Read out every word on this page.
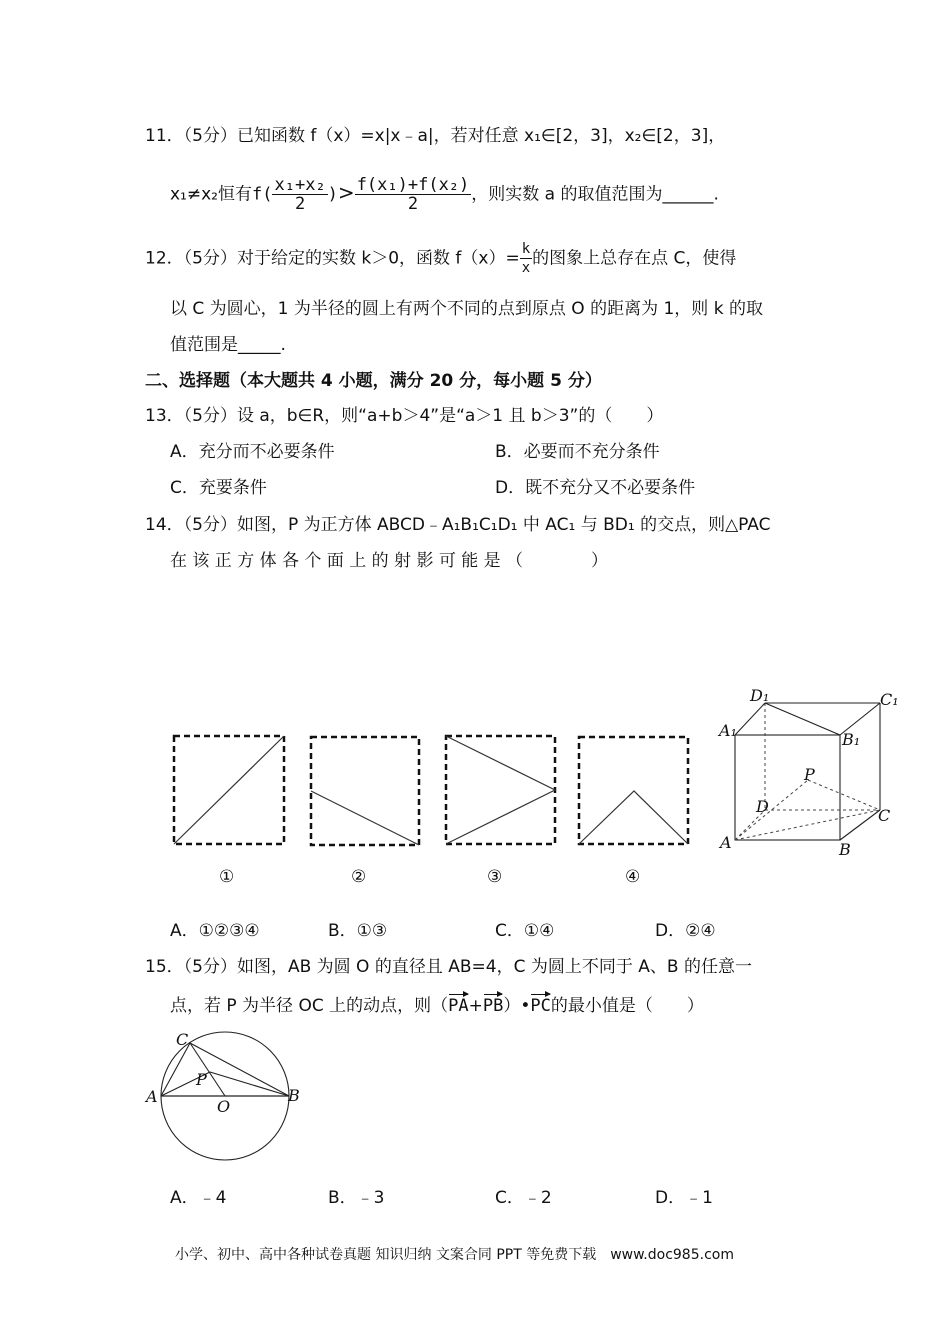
11．（5分）已知函数 f（x）=x|x﹣a|，若对任意 x₁∈[2，3]，x₂∈[2，3]，
x₁≠x₂恒有$f( \frac{\text{x₁+x₂}}{2}$ )> $\frac{\text{f(x₁)+f(x₂)}}{2}$ ，则实数 a 的取值范围为______.
12．（5分）对于给定的实数 k＞0，函数 $f(x)= \frac{k}{x}$ 的图象上总存在点 C，使得
以 C 为圆心，1 为半径的圆上有两个不同的点到原点 O 的距离为 1，则 k 的取
值范围是_____.
二、选择题（本大题共 4 小题，满分 20 分，每小题 5 分）
13．（5分）设 a，b∈R，则“a+b＞4”是“a＞1 且 b＞3”的（　　）
A．充分而不必要条件	B．必要而不充分条件
C．充要条件	D．既不充分又不必要条件
14．（5分）如图，P 为正方体 ABCD﹣A₁B₁C₁D₁ 中 AC₁ 与 BD₁ 的交点，则△PAC
在 该 正 方 体 各 个 面 上 的 射 影 可 能 是 （　　　　）
①	②	③	④
D₁	C₁
A₁	B₁
P
D	C
A	B
A．①②③④	B．①③	C．①④	D．②④
15．（5分）如图，AB 为圆 O 的直径且 AB=4，C 为圆上不同于 A、B 的任意一
点，若 P 为半径 OC 上的动点，则（PA+PB）•PC的最小值是（　　）
C
P
A
O
B
A．﹣4	B．﹣3	C．﹣2	D．﹣1
小学、初中、高中各种试卷真题 知识归纳 文案合同 PPT 等免费下载　www.doc985.com
